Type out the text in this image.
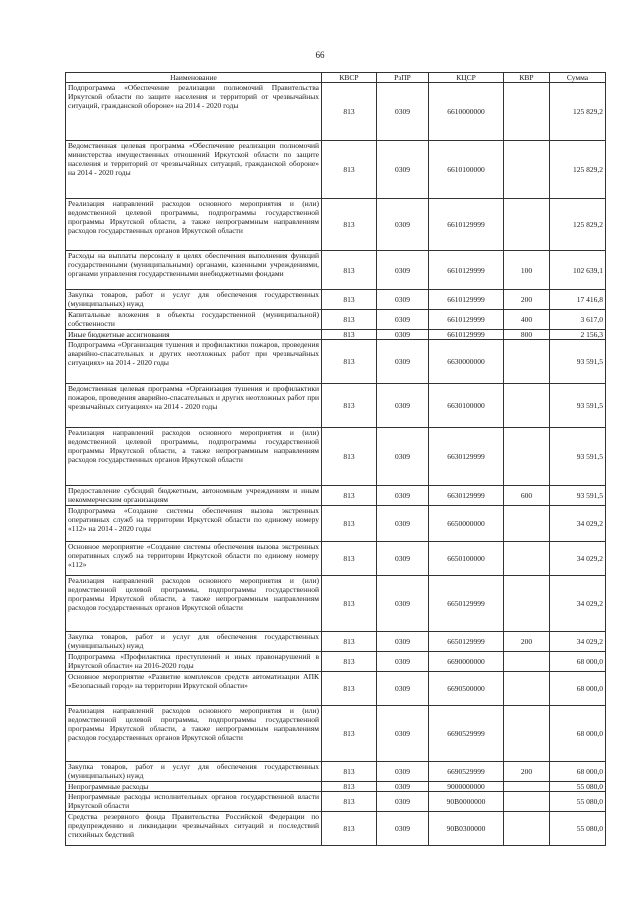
66
Наименование	КВСР	РзПР	КЦСР	КВР	Сумма
Подпрограмма «Обеспечение реализации полномочий Правительства Иркутской области по защите населения и территорий от чрезвычайных ситуаций, гражданской обороне» на 2014 - 2020 годы	813	0309	6610000000		125 829,2
Ведомственная целевая программа «Обеспечение реализации полномочий министерства имущественных отношений Иркутской области по защите населения и территорий от чрезвычайных ситуаций, гражданской обороне» на 2014 - 2020 годы	813	0309	6610100000		125 829,2
Реализация направлений расходов основного мероприятия и (или) ведомственной целевой программы, подпрограммы государственной программы Иркутской области, а также непрограммным направлениям расходов государственных органов Иркутской области	813	0309	6610129999		125 829,2
Расходы на выплаты персоналу в целях обеспечения выполнения функций государственными (муниципальными) органами, казенными учреждениями, органами управления государственными внебюджетными фондами	813	0309	6610129999	100	102 639,1
Закупка товаров, работ и услуг для обеспечения государственных (муниципальных) нужд	813	0309	6610129999	200	17 416,8
Капитальные вложения в объекты государственной (муниципальной) собственности	813	0309	6610129999	400	3 617,0
Иные бюджетные ассигнования	813	0309	6610129999	800	2 156,3
Подпрограмма «Организация тушения и профилактики пожаров, проведения аварийно-спасательных и других неотложных работ при чрезвычайных ситуациях» на 2014 - 2020 годы	813	0309	6630000000		93 591,5
Ведомственная целевая программа «Организация тушения и профилактики пожаров, проведения аварийно-спасательных и других неотложных работ при чрезвычайных ситуациях» на 2014 - 2020 годы	813	0309	6630100000		93 591,5
Реализация направлений расходов основного мероприятия и (или) ведомственной целевой программы, подпрограммы государственной программы Иркутской области, а также непрограммным направлениям расходов государственных органов Иркутской области	813	0309	6630129999		93 591,5
Предоставление субсидий бюджетным, автономным учреждениям и иным некоммерческим организациям	813	0309	6630129999	600	93 591,5
Подпрограмма «Создание системы обеспечения вызова экстренных оперативных служб на территории Иркутской области по единому номеру «112» на 2014 - 2020 годы	813	0309	6650000000		34 029,2
Основное мероприятие «Создание системы обеспечения вызова экстренных оперативных служб на территории Иркутской области по единому номеру «112»	813	0309	6650100000		34 029,2
Реализация направлений расходов основного мероприятия и (или) ведомственной целевой программы, подпрограммы государственной программы Иркутской области, а также непрограммным направлениям расходов государственных органов Иркутской области	813	0309	6650129999		34 029,2
Закупка товаров, работ и услуг для обеспечения государственных (муниципальных) нужд	813	0309	6650129999	200	34 029,2
Подпрограмма «Профилактика преступлений и иных правонарушений в Иркутской области» на 2016-2020 годы	813	0309	6690000000		68 000,0
Основное мероприятие «Развитие комплексов средств автоматизации АПК «Безопасный город» на территории Иркутской области»	813	0309	6690500000		68 000,0
Реализация направлений расходов основного мероприятия и (или) ведомственной целевой программы, подпрограммы государственной программы Иркутской области, а также непрограммным направлениям расходов государственных органов Иркутской области	813	0309	6690529999		68 000,0
Закупка товаров, работ и услуг для обеспечения государственных (муниципальных) нужд	813	0309	6690529999	200	68 000,0
Непрограммные расходы	813	0309	9000000000		55 080,0
Непрограммные расходы исполнительных органов государственной власти Иркутской области	813	0309	90В0000000		55 080,0
Средства резервного фонда Правительства Российской Федерации по предупреждению и ликвидации чрезвычайных ситуаций и последствий стихийных бедствий	813	0309	90В0300000		55 080,0
